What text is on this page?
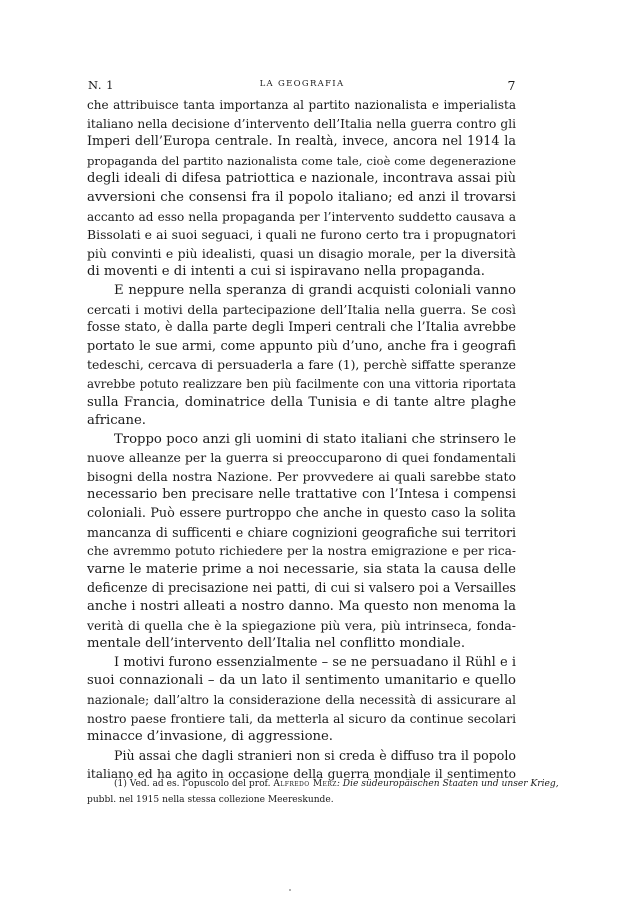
N. 1	LA GEOGRAFIA	7
che attribuisce tanta importanza al partito nazionalista e imperialista
italiano nella decisione d’intervento dell’Italia nella guerra contro gli
Imperi dell’Europa centrale. In realtà, invece, ancora nel 1914 la
propaganda del partito nazionalista come tale, cioè come degenerazione
degli ideali di difesa patriottica e nazionale, incontrava assai più
avversioni che consensi fra il popolo italiano; ed anzi il trovarsi
accanto ad esso nella propaganda per l’intervento suddetto causava a
Bissolati e ai suoi seguaci, i quali ne furono certo tra i propugnatori
più convinti e più idealisti, quasi un disagio morale, per la diversità
di moventi e di intenti a cui si ispiravano nella propaganda.
E neppure nella speranza di grandi acquisti coloniali vanno
cercati i motivi della partecipazione dell’Italia nella guerra. Se così
fosse stato, è dalla parte degli Imperi centrali che l’Italia avrebbe
portato le sue armi, come appunto più d’uno, anche fra i geografi
tedeschi, cercava di persuaderla a fare (1), perchè siffatte speranze
avrebbe potuto realizzare ben più facilmente con una vittoria riportata
sulla Francia, dominatrice della Tunisia e di tante altre plaghe
africane.
Troppo poco anzi gli uomini di stato italiani che strinsero le
nuove alleanze per la guerra si preoccuparono di quei fondamentali
bisogni della nostra Nazione. Per provvedere ai quali sarebbe stato
necessario ben precisare nelle trattative con l’Intesa i compensi
coloniali. Può essere purtroppo che anche in questo caso la solita
mancanza di sufficenti e chiare cognizioni geografiche sui territori
che avremmo potuto richiedere per la nostra emigrazione e per rica-
varne le materie prime a noi necessarie, sia stata la causa delle
deficenze di precisazione nei patti, di cui si valsero poi a Versailles
anche i nostri alleati a nostro danno. Ma questo non menoma la
verità di quella che è la spiegazione più vera, più intrinseca, fonda-
mentale dell’intervento dell’Italia nel conflitto mondiale.
I motivi furono essenzialmente – se ne persuadano il Rühl e i
suoi connazionali – da un lato il sentimento umanitario e quello
nazionale; dall’altro la considerazione della necessità di assicurare al
nostro paese frontiere tali, da metterla al sicuro da continue secolari
minacce d’invasione, di aggressione.
Più assai che dagli stranieri non si creda è diffuso tra il popolo
italiano ed ha agito in occasione della guerra mondiale il sentimento
(1) Ved. ad es. l’opuscolo del prof. Alfredo Merz: Die südeuropäischen Staaten und unser Krieg,
pubbl. nel 1915 nella stessa collezione Meereskunde.
